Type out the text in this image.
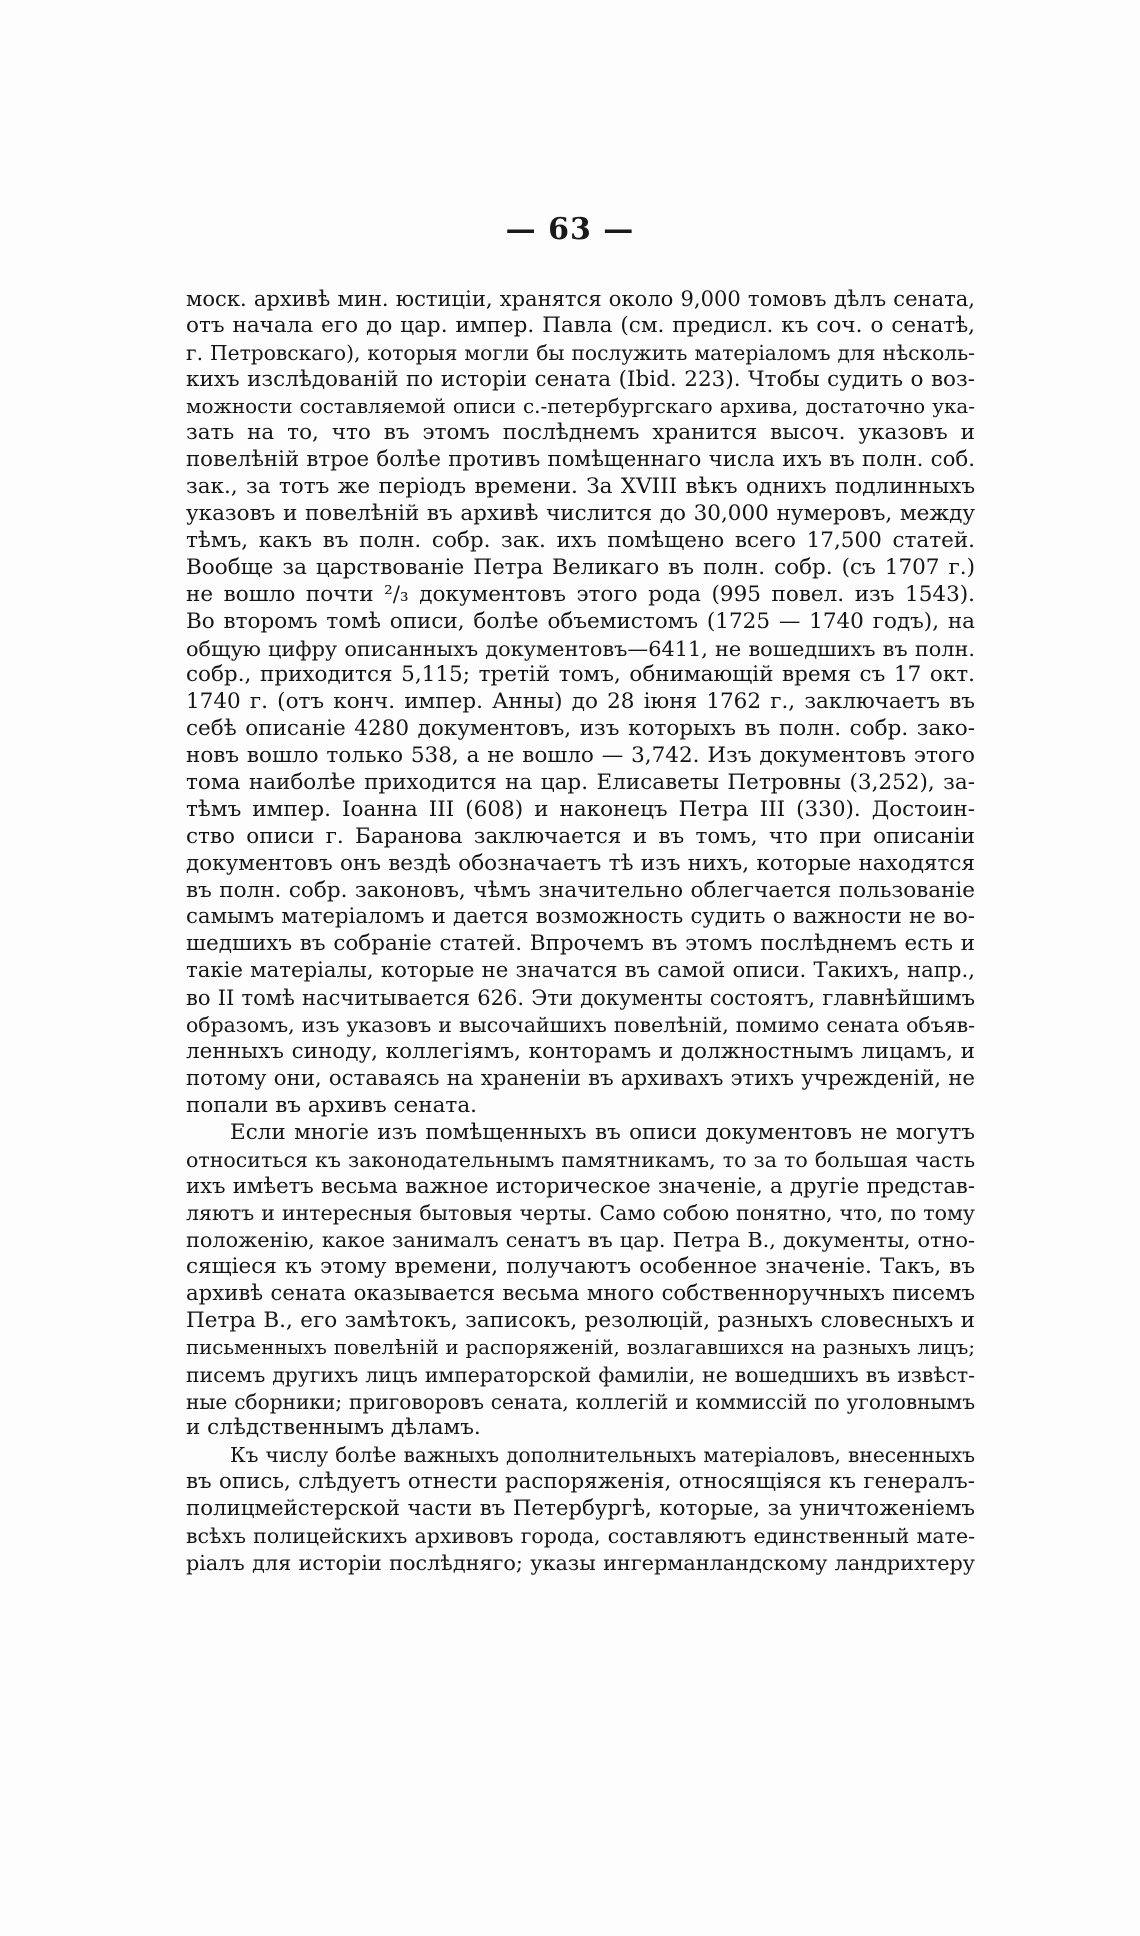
— 63 —
моск. архивѣ мин. юстиціи, хранятся около 9,000 томовъ дѣлъ сената,
отъ начала его до цар. импер. Павла (см. предисл. къ соч. о сенатѣ,
г. Петровскаго), которыя могли бы послужить матеріаломъ для нѣсколь-
кихъ изслѣдованій по исторіи сената (Ibid. 223). Чтобы судить о воз-
можности составляемой описи с.-петербургскаго архива, достаточно ука-
зать на то, что въ этомъ послѣднемъ хранится высоч. указовъ и
повелѣній втрое болѣе противъ помѣщеннаго числа ихъ въ полн. соб.
зак., за тотъ же періодъ времени. За XVIII вѣкъ однихъ подлинныхъ
указовъ и повелѣній въ архивѣ числится до 30,000 нумеровъ, между
тѣмъ, какъ въ полн. собр. зак. ихъ помѣщено всего 17,500 статей.
Вообще за царствованіе Петра Великаго въ полн. собр. (съ 1707 г.)
не вошло почти ²/₃ документовъ этого рода (995 повел. изъ 1543).
Во второмъ томѣ описи, болѣе объемистомъ (1725 — 1740 годъ), на
общую цифру описанныхъ документовъ—6411, не вошедшихъ въ полн.
собр., приходится 5,115; третій томъ, обнимающій время съ 17 окт.
1740 г. (отъ конч. импер. Анны) до 28 іюня 1762 г., заключаетъ въ
себѣ описаніе 4280 документовъ, изъ которыхъ въ полн. собр. зако-
новъ вошло только 538, а не вошло — 3,742. Изъ документовъ этого
тома наиболѣе приходится на цар. Елисаветы Петровны (3,252), за-
тѣмъ импер. Іоанна III (608) и наконецъ Петра III (330). Достоин-
ство описи г. Баранова заключается и въ томъ, что при описаніи
документовъ онъ вездѣ обозначаетъ тѣ изъ нихъ, которые находятся
въ полн. собр. законовъ, чѣмъ значительно облегчается пользованіе
самымъ матеріаломъ и дается возможность судить о важности не во-
шедшихъ въ собраніе статей. Впрочемъ въ этомъ послѣднемъ есть и
такіе матеріалы, которые не значатся въ самой описи. Такихъ, напр.,
во II томѣ насчитывается 626. Эти документы состоятъ, главнѣйшимъ
образомъ, изъ указовъ и высочайшихъ повелѣній, помимо сената объяв-
ленныхъ синоду, коллегіямъ, конторамъ и должностнымъ лицамъ, и
потому они, оставаясь на храненіи въ архивахъ этихъ учрежденій, не
попали въ архивъ сената.
Если многіе изъ помѣщенныхъ въ описи документовъ не могутъ
относиться къ законодательнымъ памятникамъ, то за то большая часть
ихъ имѣетъ весьма важное историческое значеніе, а другіе представ-
ляютъ и интересныя бытовыя черты. Само собою понятно, что, по тому
положенію, какое занималъ сенатъ въ цар. Петра В., документы, отно-
сящіеся къ этому времени, получаютъ особенное значеніе. Такъ, въ
архивѣ сената оказывается весьма много собственноручныхъ писемъ
Петра В., его замѣтокъ, записокъ, резолюцій, разныхъ словесныхъ и
письменныхъ повелѣній и распоряженій, возлагавшихся на разныхъ лицъ;
писемъ другихъ лицъ императорской фамиліи, не вошедшихъ въ извѣст-
ные сборники; приговоровъ сената, коллегій и коммиссій по уголовнымъ
и слѣдственнымъ дѣламъ.
Къ числу болѣе важныхъ дополнительныхъ матеріаловъ, внесенныхъ
въ опись, слѣдуетъ отнести распоряженія, относящіяся къ генералъ-
полицмейстерской части въ Петербургѣ, которые, за уничтоженіемъ
всѣхъ полицейскихъ архивовъ города, составляютъ единственный мате-
ріалъ для исторіи послѣдняго; указы ингерманландскому ландрихтеру
